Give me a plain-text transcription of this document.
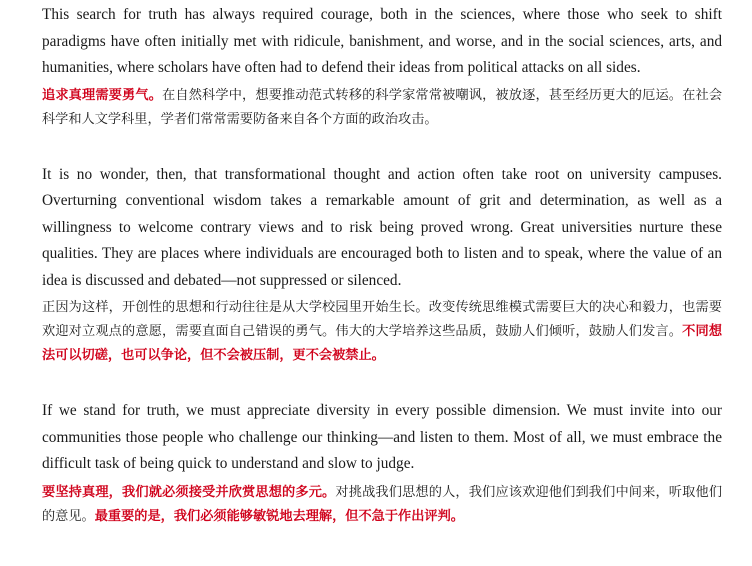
This search for truth has always required courage, both in the sciences, where those who seek to shift paradigms have often initially met with ridicule, banishment, and worse, and in the social sciences, arts, and humanities, where scholars have often had to defend their ideas from political attacks on all sides.

追求真理需要勇气。在自然科学中，想要推动范式转移的科学家常常被嘲讽，被放逐，甚至经历更大的厄运。在社会科学和人文学科里，学者们常常需要防备来自各个方面的政治攻击。

It is no wonder, then, that transformational thought and action often take root on university campuses. Overturning conventional wisdom takes a remarkable amount of grit and determination, as well as a willingness to welcome contrary views and to risk being proved wrong. Great universities nurture these qualities. They are places where individuals are encouraged both to listen and to speak, where the value of an idea is discussed and debated—not suppressed or silenced.

正因为这样，开创性的思想和行动往往是从大学校园里开始生长。改变传统思维模式需要巨大的决心和毅力，也需要欢迎对立观点的意愿，需要直面自己错误的勇气。伟大的大学培养这些品质，鼓励人们倾听，鼓励人们发言。不同想法可以切磋，也可以争论，但不会被压制，更不会被禁止。

If we stand for truth, we must appreciate diversity in every possible dimension. We must invite into our communities those people who challenge our thinking—and listen to them. Most of all, we must embrace the difficult task of being quick to understand and slow to judge.

要坚持真理，我们就必须接受并欣赏思想的多元。对挑战我们思想的人，我们应该欢迎他们到我们中间来，听取他们的意见。最重要的是，我们必须能够敏锐地去理解，但不急于作出评判。
